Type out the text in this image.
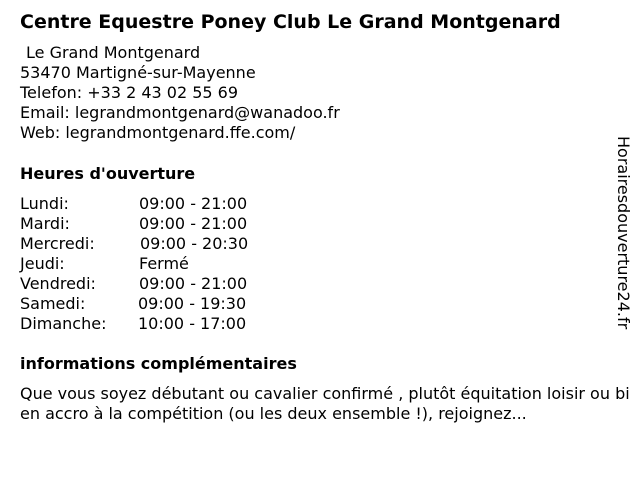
Centre Equestre Poney Club Le Grand Montgenard
Le Grand Montgenard
53470 Martigné-sur-Mayenne
Telefon: +33 2 43 02 55 69
Email: legrandmontgenard@wanadoo.fr
Web: legrandmontgenard.ffe.com/
Heures d'ouverture
Lundi:	09:00 - 21:00
Mardi:	09:00 - 21:00
Mercredi:	09:00 - 20:30
Jeudi:	Fermé
Vendredi:	09:00 - 21:00
Samedi:	09:00 - 19:30
Dimanche: 10:00 - 17:00
informations complémentaires
Que vous soyez débutant ou cavalier confirmé , plutôt équitation loisir ou bien accro à la compétition (ou les deux ensemble !), rejoignez...
Horairesdouverture24.fr
